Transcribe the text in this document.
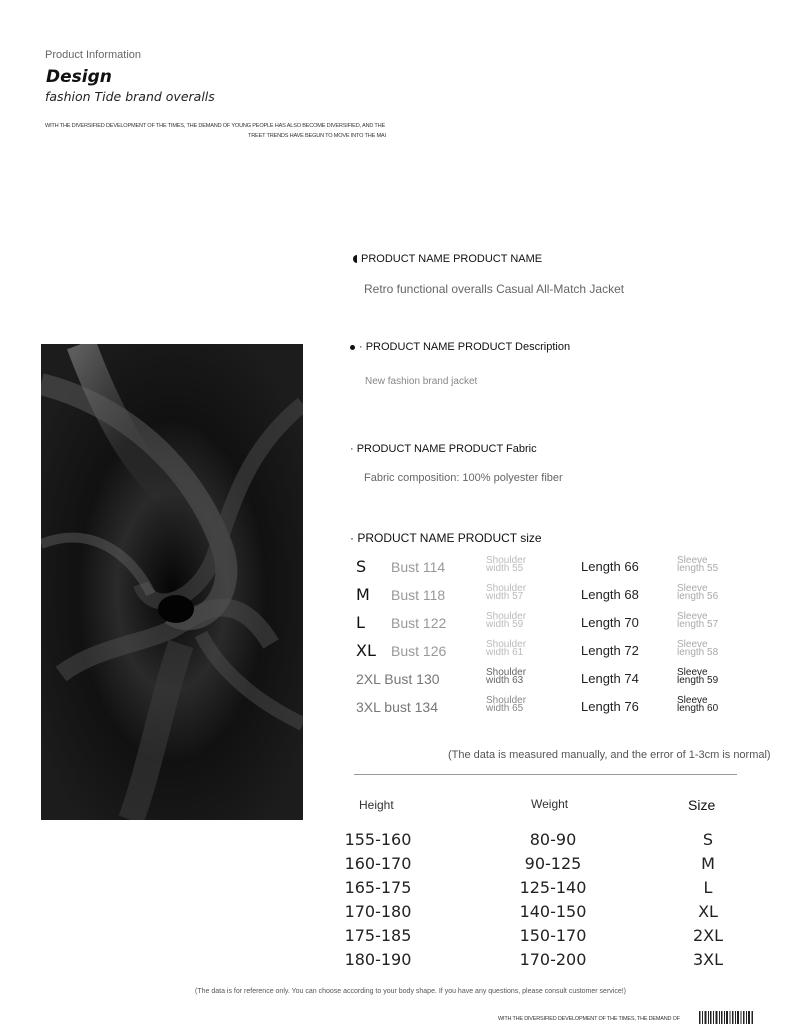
Product Information
Design
fashion Tide brand overalls
WITH THE DIVERSIFIED DEVELOPMENT OF THE TIMES, THE DEMAND OF YOUNG PEOPLE HAS ALSO BECOME DIVERSIFIED, AND THE
TREET TRENDS HAVE BEGUN TO MOVE INTO THE MAI
PRODUCT NAME PRODUCT NAME
Retro functional overalls Casual All-Match Jacket
· PRODUCT NAME PRODUCT Description
New fashion brand jacket
· PRODUCT NAME PRODUCT Fabric
Fabric composition: 100% polyester fiber
· PRODUCT NAME PRODUCT size
S Bust 114	Shoulder width 55	Length 66	Sleeve length 55
M Bust 118	Shoulder width 57	Length 68	Sleeve length 56
L Bust 122	Shoulder width 59	Length 70	Sleeve length 57
XL Bust 126	Shoulder width 61	Length 72	Sleeve length 58
2XL Bust 130	Shoulder width 63	Length 74	Sleeve length 59
3XL bust 134	Shoulder width 65	Length 76	Sleeve length 60
(The data is measured manually, and the error of 1-3cm is normal)
Height	Weight	Size
155-160	80-90	S
160-170	90-125	M
165-175	125-140	L
170-180	140-150	XL
175-185	150-170	2XL
180-190	170-200	3XL
(The data is for reference only. You can choose according to your body shape. If you have any questions, please consult customer service!)
WITH THE DIVERSIFIED DEVELOPMENT OF THE TIMES, THE DEMAND OF
